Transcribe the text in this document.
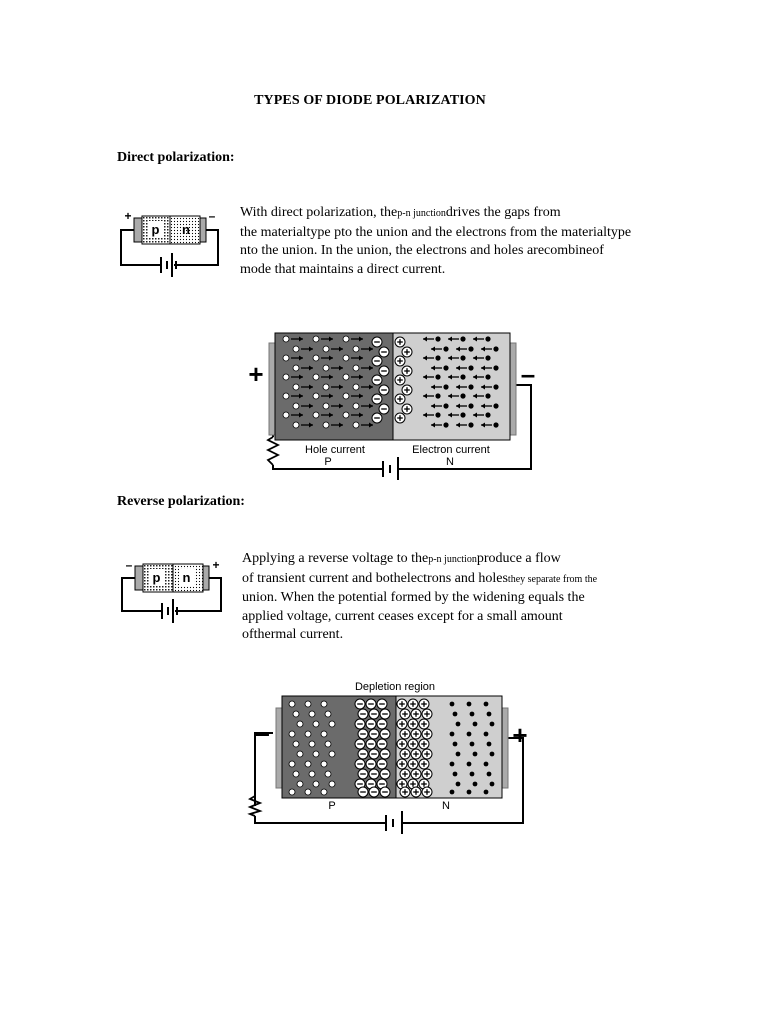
TYPES OF DIODE POLARIZATION
Direct polarization:
p n
+	– With direct polarization, thep-n junctiondrives the gaps from
the materialtype pto the union and the electrons from the materialtype
nto the union. In the union, the electrons and holes arecombineof
mode that maintains a direct current.
+	–
Hole current	Electron current
P	N
Reverse polarization:
p n
–	+ Applying a reverse voltage to thep-n junctionproduce a flow
of transient current and bothelectrons and holesthey separate from the
union. When the potential formed by the widening equals the
applied voltage, current ceases except for a small amount
ofthermal current.
Depletion region
–	+
P	N
